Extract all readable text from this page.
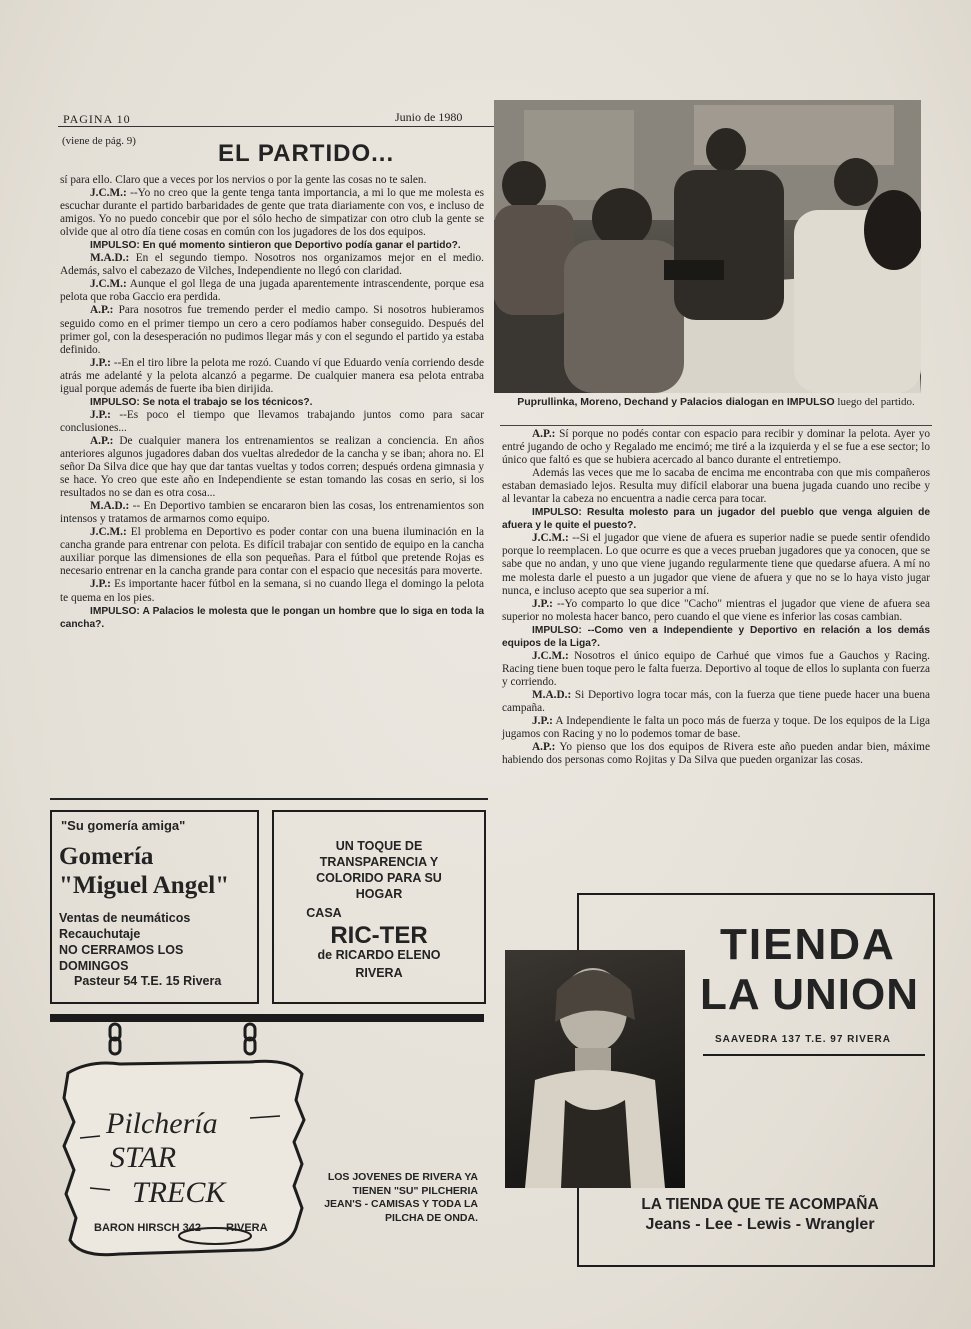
PAGINA 10	Junio de 1980
(viene de pág. 9)	EL PARTIDO...

sí para ello. Claro que a veces por los nervios o por la gente las cosas no te salen.

J.C.M.: --Yo no creo que la gente tenga tanta importancia, a mi lo que me molesta es escuchar durante el partido barbaridades de gente que trata diariamente con vos, e incluso de amigos. Yo no puedo concebir que por el sólo hecho de simpatizar con otro club la gente se olvide que al otro día tiene cosas en común con los jugadores de los dos equipos.

IMPULSO: En qué momento sintieron que Deportivo podía ganar el partido?.

M.A.D.: En el segundo tiempo. Nosotros nos organizamos mejor en el medio. Además, salvo el cabezazo de Vilches, Independiente no llegó con claridad.

J.C.M.: Aunque el gol llega de una jugada aparentemente intrascendente, porque esa pelota que roba Gaccio era perdida.

A.P.: Para nosotros fue tremendo perder el medio campo. Si nosotros hubieramos seguido como en el primer tiempo un cero a cero podíamos haber conseguido. Después del primer gol, con la desesperación no pudimos llegar más y con el segundo el partido ya estaba definido.

J.P.: --En el tiro libre la pelota me rozó. Cuando ví que Eduardo venía corriendo desde atrás me adelanté y la pelota alcanzó a pegarme. De cualquier manera esa pelota entraba igual porque además de fuerte iba bien dirijida.

IMPULSO: Se nota el trabajo se los técnicos?.

J.P.: --Es poco el tiempo que llevamos trabajando juntos como para sacar conclusiones...

A.P.: De cualquier manera los entrenamientos se realizan a conciencia. En años anteriores algunos jugadores daban dos vueltas alrededor de la cancha y se iban; ahora no. El señor Da Silva dice que hay que dar tantas vueltas y todos corren; después ordena gimnasia y se hace. Yo creo que este año en Independiente se estan tomando las cosas en serio, si los resultados no se dan es otra cosa...

M.A.D.: -- En Deportivo tambien se encararon bien las cosas, los entrenamientos son intensos y tratamos de armarnos como equipo.

J.C.M.: El problema en Deportivo es poder contar con una buena iluminación en la cancha grande para entrenar con pelota. Es difícil trabajar con sentido de equipo en la cancha auxiliar porque las dimensiones de ella son pequeñas. Para el fútbol que pretende Rojas es necesario entrenar en la cancha grande para contar con el espacio que necesitás para moverte.

J.P.: Es importante hacer fútbol en la semana, si no cuando llega el domingo la pelota te quema en los pies.

IMPULSO: A Palacios le molesta que le pongan un hombre que lo siga en toda la cancha?.

Puprullinka, Moreno, Dechand y Palacios dialogan en IMPULSO luego del partido.

A.P.: Sí porque no podés contar con espacio para recibir y dominar la pelota. Ayer yo entré jugando de ocho y Regalado me encimó; me tiré a la izquierda y el se fue a ese sector; lo único que faltó es que se hubiera acercado al banco durante el entretiempo.

Además las veces que me lo sacaba de encima me encontraba con que mis compañeros estaban demasiado lejos. Resulta muy difícil elaborar una buena jugada cuando uno recibe y al levantar la cabeza no encuentra a nadie cerca para tocar.

IMPULSO: Resulta molesto para un jugador del pueblo que venga alguien de afuera y le quite el puesto?.

J.C.M.: --Si el jugador que viene de afuera es superior nadie se puede sentir ofendido porque lo reemplacen. Lo que ocurre es que a veces prueban jugadores que ya conocen, que se sabe que no andan, y uno que viene jugando regularmente tiene que quedarse afuera. A mí no me molesta darle el puesto a un jugador que viene de afuera y que no se lo haya visto jugar nunca, e incluso acepto que sea superior a mí.

J.P.: --Yo comparto lo que dice "Cacho" mientras el jugador que viene de afuera sea superior no molesta hacer banco, pero cuando el que viene es inferior las cosas cambian.

IMPULSO: --Como ven a Independiente y Deportivo en relación a los demás equipos de la Liga?.

J.C.M.: Nosotros el único equipo de Carhué que vimos fue a Gauchos y Racing. Racing tiene buen toque pero le falta fuerza. Deportivo al toque de ellos lo suplanta con fuerza y corriendo.

M.A.D.: Si Deportivo logra tocar más, con la fuerza que tiene puede hacer una buena campaña.

J.P.: A Independiente le falta un poco más de fuerza y toque. De los equipos de la Liga jugamos con Racing y no lo podemos tomar de base.

A.P.: Yo pienso que los dos equipos de Rivera este año pueden andar bien, máxime habiendo dos personas como Rojitas y Da Silva que pueden organizar las cosas.

"Su gomería amiga"
Gomería
"Miguel Angel"
Ventas de neumáticos
Recauchutaje
NO CERRAMOS LOS
DOMINGOS
Pasteur 54 T.E. 15 Rivera
UN TOQUE DE
TRANSPARENCIA Y
COLORIDO PARA SU
HOGAR
CASA
RIC-TER
de RICARDO ELENO
RIVERA
Pilchería
STAR
TRECK
BARON HIRSCH 342 RIVERA
LOS JOVENES DE RIVERA YA
TIENEN "SU" PILCHERIA
JEAN'S - CAMISAS Y TODA LA
PILCHA DE ONDA.
TIENDA
LA UNION
SAAVEDRA 137 T.E. 97 RIVERA
LA TIENDA QUE TE ACOMPAÑA
Jeans - Lee - Lewis - Wrangler
